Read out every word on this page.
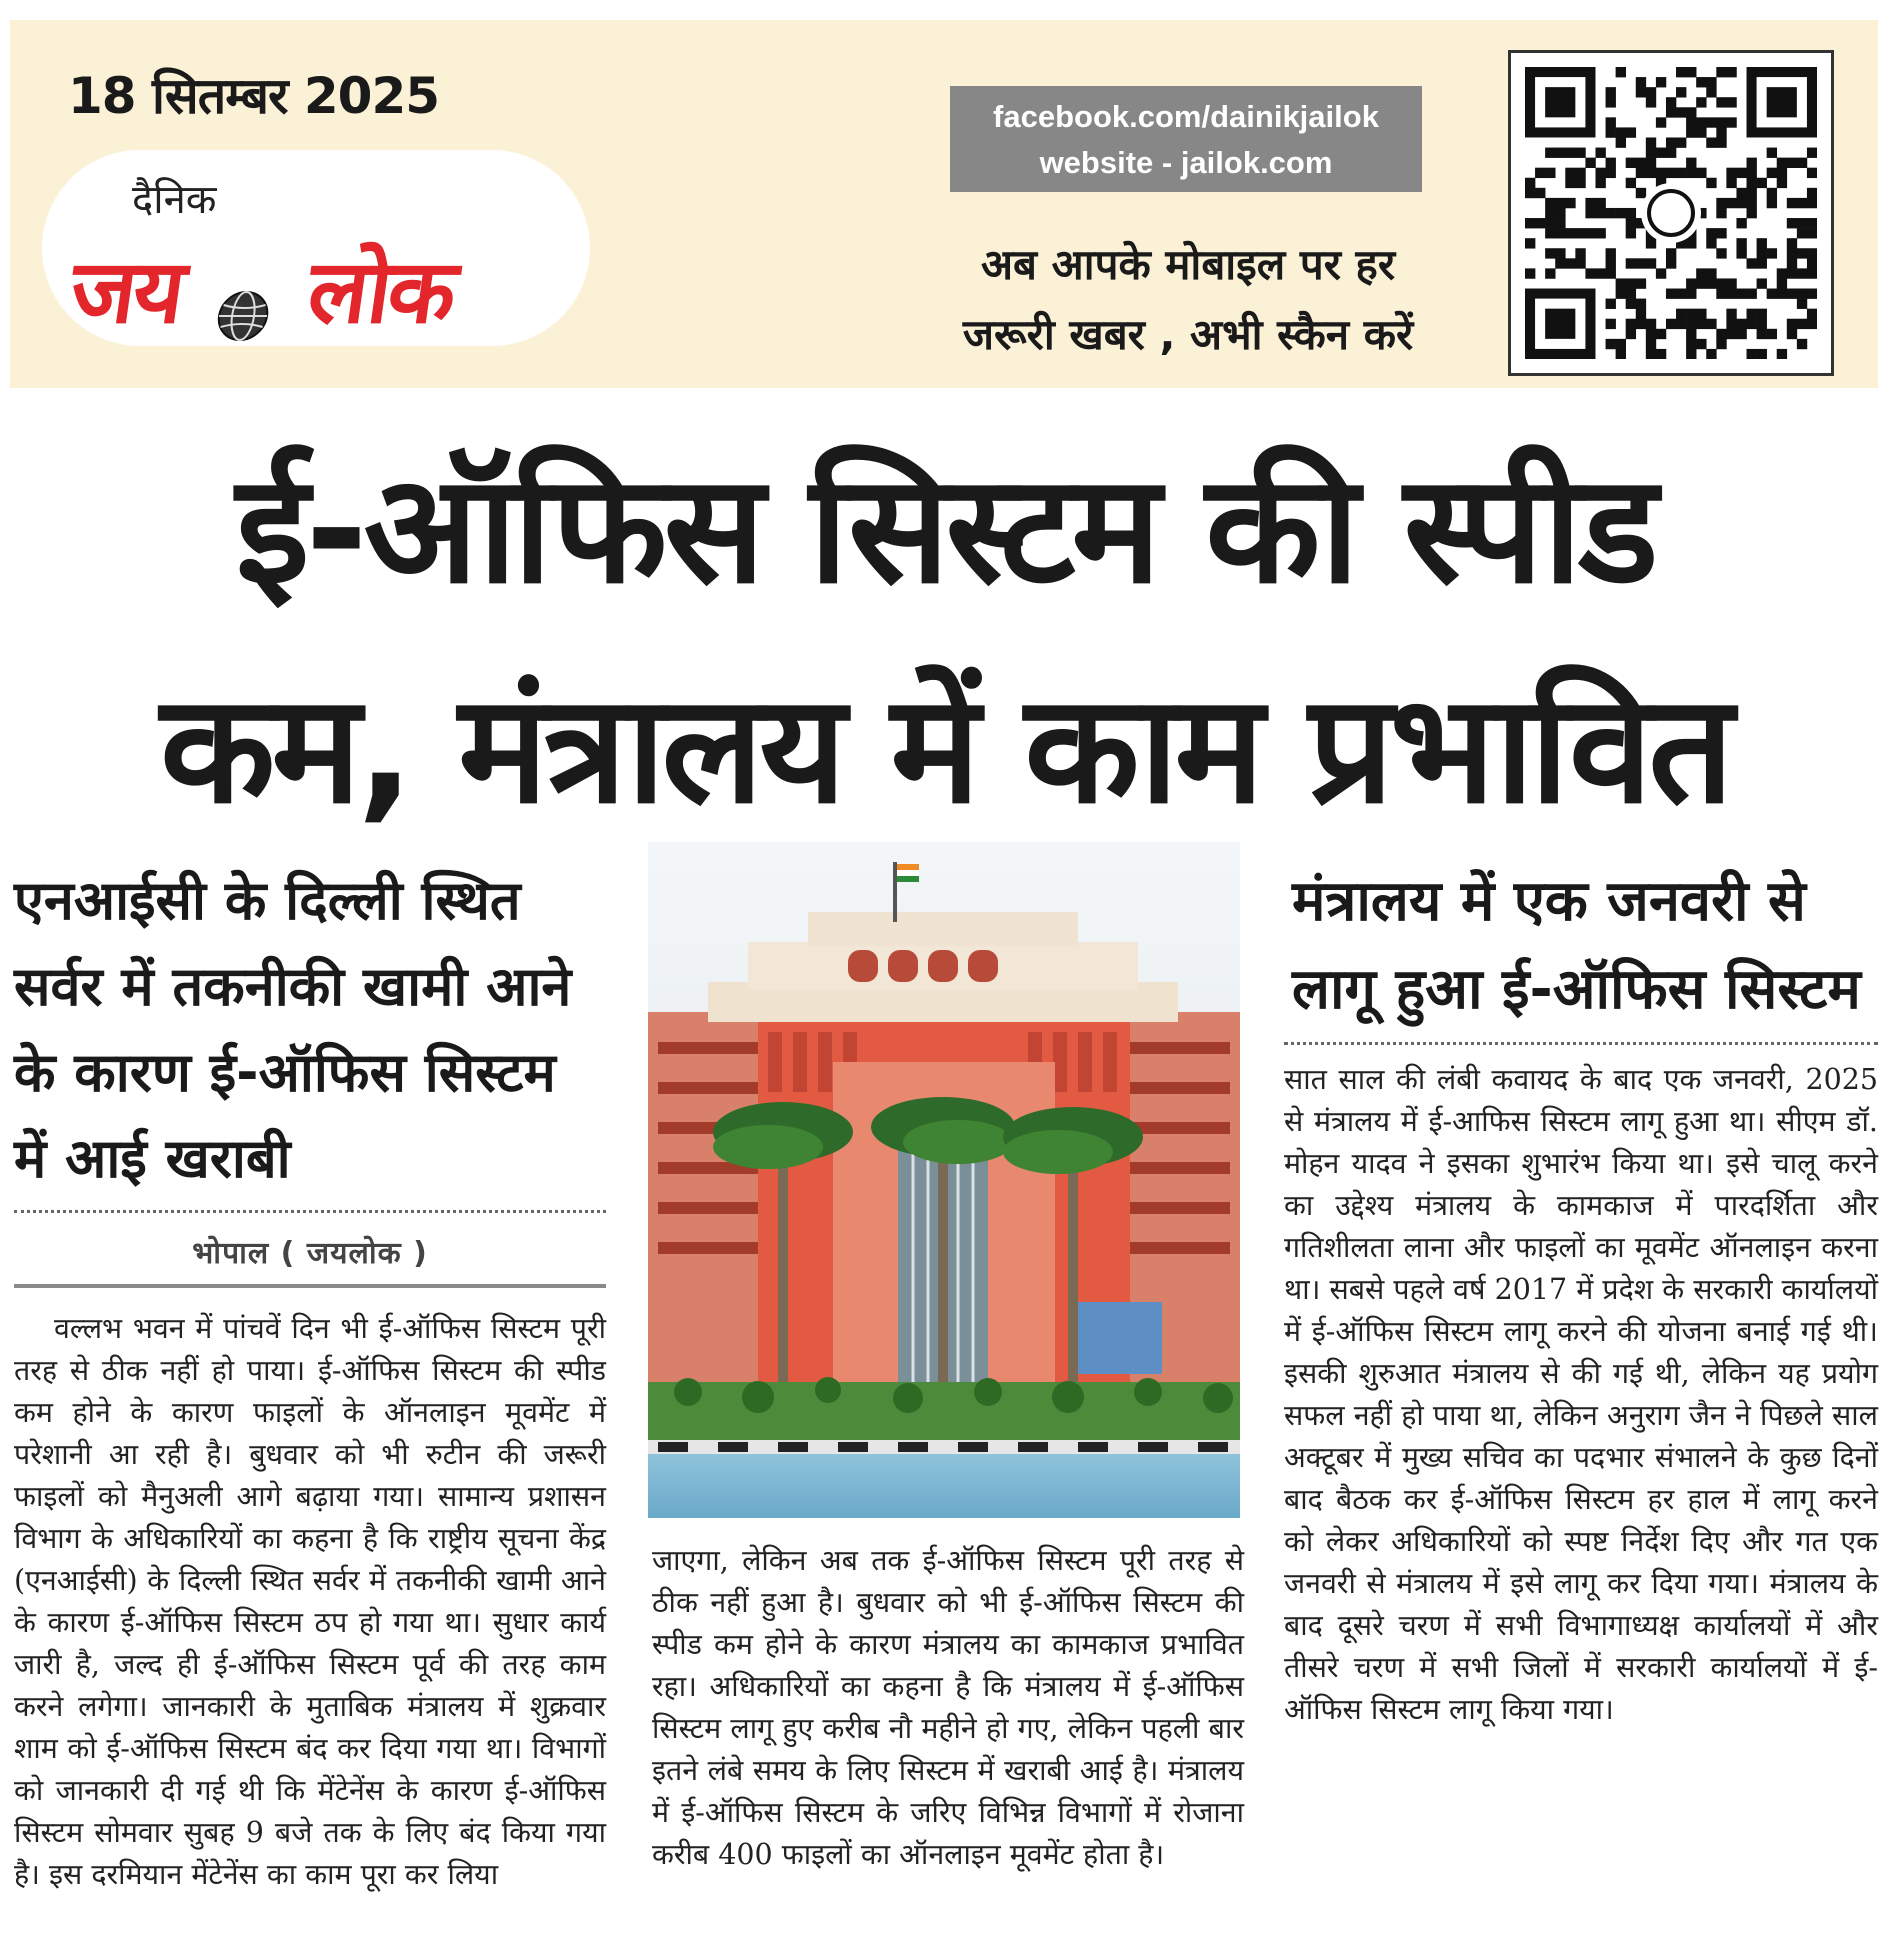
18 सितम्बर 2025
दैनिक
जय लोक
facebook.com/dainikjailok
website - jailok.com
अब आपके मोबाइल पर हर
जरूरी खबर , अभी स्कैन करें
ई-ऑफिस सिस्टम की स्पीड
कम, मंत्रालय में काम प्रभावित
एनआईसी के दिल्ली स्थित सर्वर में तकनीकी खामी आने के कारण ई-ऑफिस सिस्टम में आई खराबी
भोपाल ( जयलोक )
वल्लभ भवन में पांचवें दिन भी ई-ऑफिस सिस्टम पूरी तरह से ठीक नहीं हो पाया। ई-ऑफिस सिस्टम की स्पीड कम होने के कारण फाइलों के ऑनलाइन मूवमेंट में परेशानी आ रही है। बुधवार को भी रुटीन की जरूरी फाइलों को मैनुअली आगे बढ़ाया गया। सामान्य प्रशासन विभाग के अधिकारियों का कहना है कि राष्ट्रीय सूचना केंद्र (एनआईसी) के दिल्ली स्थित सर्वर में तकनीकी खामी आने के कारण ई-ऑफिस सिस्टम ठप हो गया था। सुधार कार्य जारी है, जल्द ही ई-ऑफिस सिस्टम पूर्व की तरह काम करने लगेगा। जानकारी के मुताबिक मंत्रालय में शुक्रवार शाम को ई-ऑफिस सिस्टम बंद कर दिया गया था। विभागों को जानकारी दी गई थी कि मेंटेनेंस के कारण ई-ऑफिस सिस्टम सोमवार सुबह 9 बजे तक के लिए बंद किया गया है। इस दरमियान मेंटेनेंस का काम पूरा कर लिया
जाएगा, लेकिन अब तक ई-ऑफिस सिस्टम पूरी तरह से ठीक नहीं हुआ है। बुधवार को भी ई-ऑफिस सिस्टम की स्पीड कम होने के कारण मंत्रालय का कामकाज प्रभावित रहा। अधिकारियों का कहना है कि मंत्रालय में ई-ऑफिस सिस्टम लागू हुए करीब नौ महीने हो गए, लेकिन पहली बार इतने लंबे समय के लिए सिस्टम में खराबी आई है। मंत्रालय में ई-ऑफिस सिस्टम के जरिए विभिन्न विभागों में रोजाना करीब 400 फाइलों का ऑनलाइन मूवमेंट होता है।
मंत्रालय में एक जनवरी से लागू हुआ ई-ऑफिस सिस्टम
सात साल की लंबी कवायद के बाद एक जनवरी, 2025 से मंत्रालय में ई-आफिस सिस्टम लागू हुआ था। सीएम डॉ. मोहन यादव ने इसका शुभारंभ किया था। इसे चालू करने का उद्देश्य मंत्रालय के कामकाज में पारदर्शिता और गतिशीलता लाना और फाइलों का मूवमेंट ऑनलाइन करना था। सबसे पहले वर्ष 2017 में प्रदेश के सरकारी कार्यालयों में ई-ऑफिस सिस्टम लागू करने की योजना बनाई गई थी। इसकी शुरुआत मंत्रालय से की गई थी, लेकिन यह प्रयोग सफल नहीं हो पाया था, लेकिन अनुराग जैन ने पिछले साल अक्टूबर में मुख्य सचिव का पदभार संभालने के कुछ दिनों बाद बैठक कर ई-ऑफिस सिस्टम हर हाल में लागू करने को लेकर अधिकारियों को स्पष्ट निर्देश दिए और गत एक जनवरी से मंत्रालय में इसे लागू कर दिया गया। मंत्रालय के बाद दूसरे चरण में सभी विभागाध्यक्ष कार्यालयों में और तीसरे चरण में सभी जिलों में सरकारी कार्यालयों में ई-ऑफिस सिस्टम लागू किया गया।
